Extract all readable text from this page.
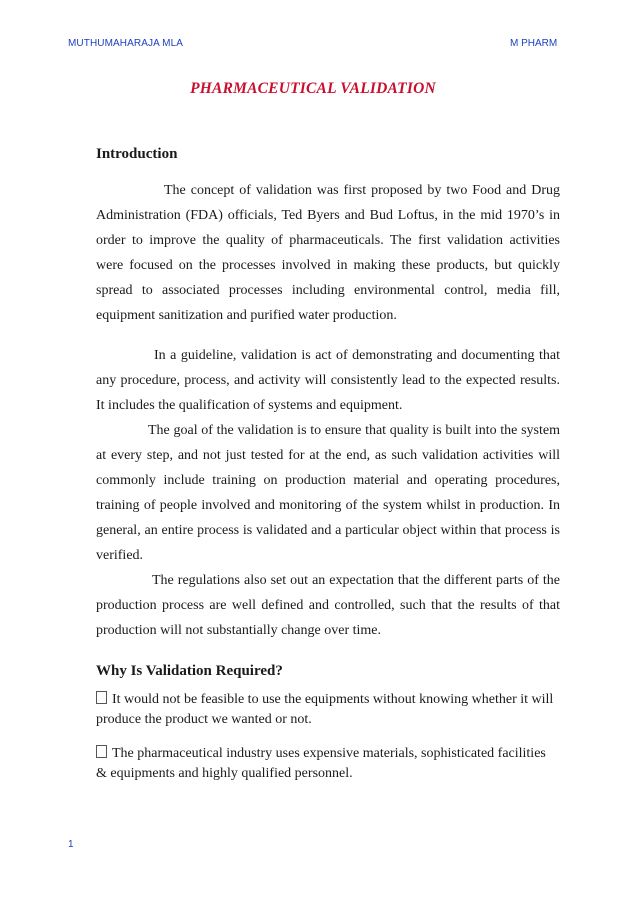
MUTHUMAHARAJA MLA	M PHARM
PHARMACEUTICAL VALIDATION
Introduction

The concept of validation was first proposed by two Food and Drug Administration (FDA) officials, Ted Byers and Bud Loftus, in the mid 1970’s in order to improve the quality of pharmaceuticals. The first validation activities were focused on the processes involved in making these products, but quickly spread to associated processes including environmental control, media fill, equipment sanitization and purified water production.

In a guideline, validation is act of demonstrating and documenting that any procedure, process, and activity will consistently lead to the expected results. It includes the qualification of systems and equipment.

The goal of the validation is to ensure that quality is built into the system at every step, and not just tested for at the end, as such validation activities will commonly include training on production material and operating procedures, training of people involved and monitoring of the system whilst in production. In general, an entire process is validated and a particular object within that process is verified.

The regulations also set out an expectation that the different parts of the production process are well defined and controlled, such that the results of that production will not substantially change over time.

Why Is Validation Required?

It would not be feasible to use the equipments without knowing whether it will produce the product we wanted or not.

The pharmaceutical industry uses expensive materials, sophisticated facilities & equipments and highly qualified personnel.

1
